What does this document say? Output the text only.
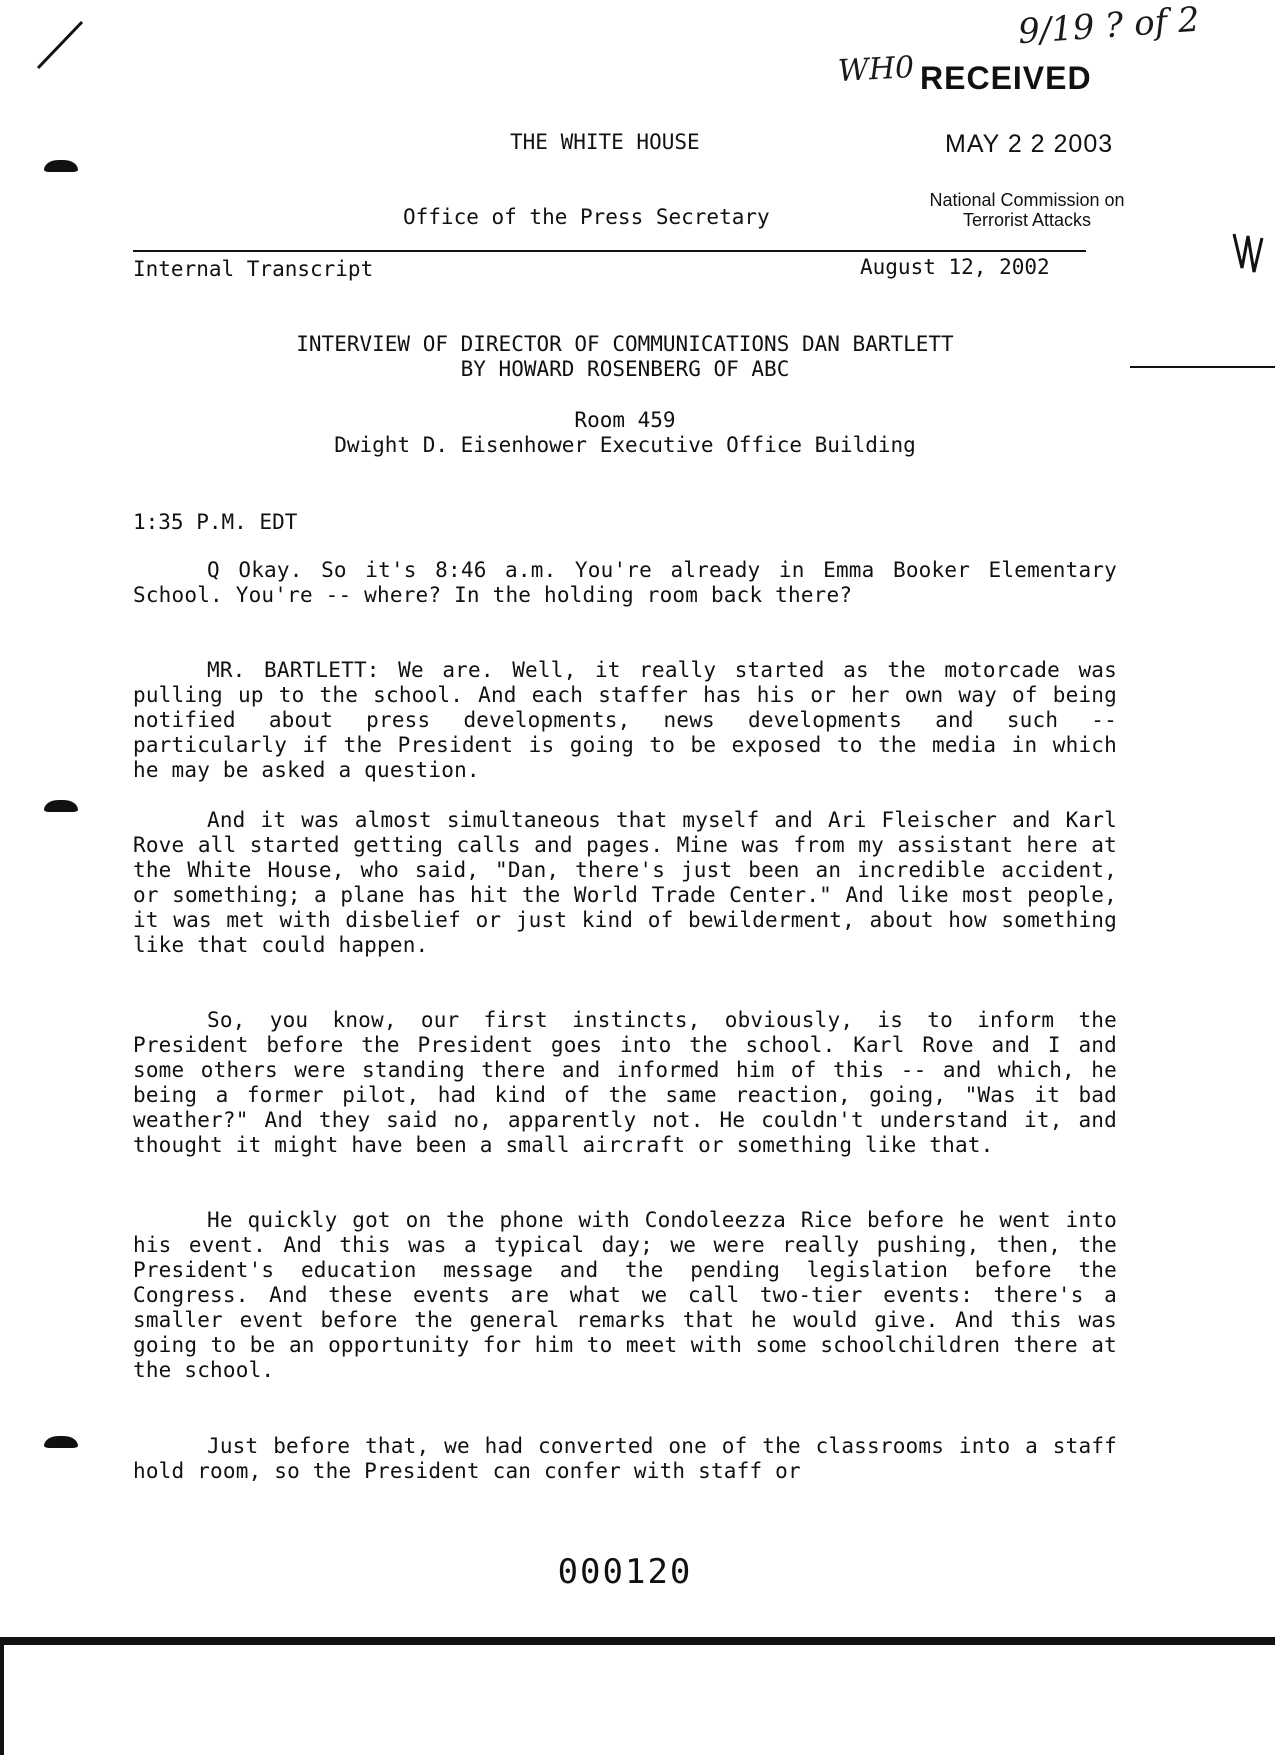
9/19 ? of 2
WH0 RECEIVED
MAY 2 2 2003
National Commission on
Terrorist Attacks
THE WHITE HOUSE
Office of the Press Secretary
Internal Transcript	August 12, 2002
INTERVIEW OF DIRECTOR OF COMMUNICATIONS DAN BARTLETT
BY HOWARD ROSENBERG OF ABC
Room 459
Dwight D. Eisenhower Executive Office Building
1:35 P.M. EDT
Q Okay. So it's 8:46 a.m. You're already in Emma Booker Elementary School. You're -- where? In the holding room back there?
MR. BARTLETT: We are. Well, it really started as the motorcade was pulling up to the school. And each staffer has his or her own way of being notified about press developments, news developments and such -- particularly if the President is going to be exposed to the media in which he may be asked a question.
And it was almost simultaneous that myself and Ari Fleischer and Karl Rove all started getting calls and pages. Mine was from my assistant here at the White House, who said, "Dan, there's just been an incredible accident, or something; a plane has hit the World Trade Center." And like most people, it was met with disbelief or just kind of bewilderment, about how something like that could happen.
So, you know, our first instincts, obviously, is to inform the President before the President goes into the school. Karl Rove and I and some others were standing there and informed him of this -- and which, he being a former pilot, had kind of the same reaction, going, "Was it bad weather?" And they said no, apparently not. He couldn't understand it, and thought it might have been a small aircraft or something like that.
He quickly got on the phone with Condoleezza Rice before he went into his event. And this was a typical day; we were really pushing, then, the President's education message and the pending legislation before the Congress. And these events are what we call two-tier events: there's a smaller event before the general remarks that he would give. And this was going to be an opportunity for him to meet with some schoolchildren there at the school.
Just before that, we had converted one of the classrooms into a staff hold room, so the President can confer with staff or
000120
